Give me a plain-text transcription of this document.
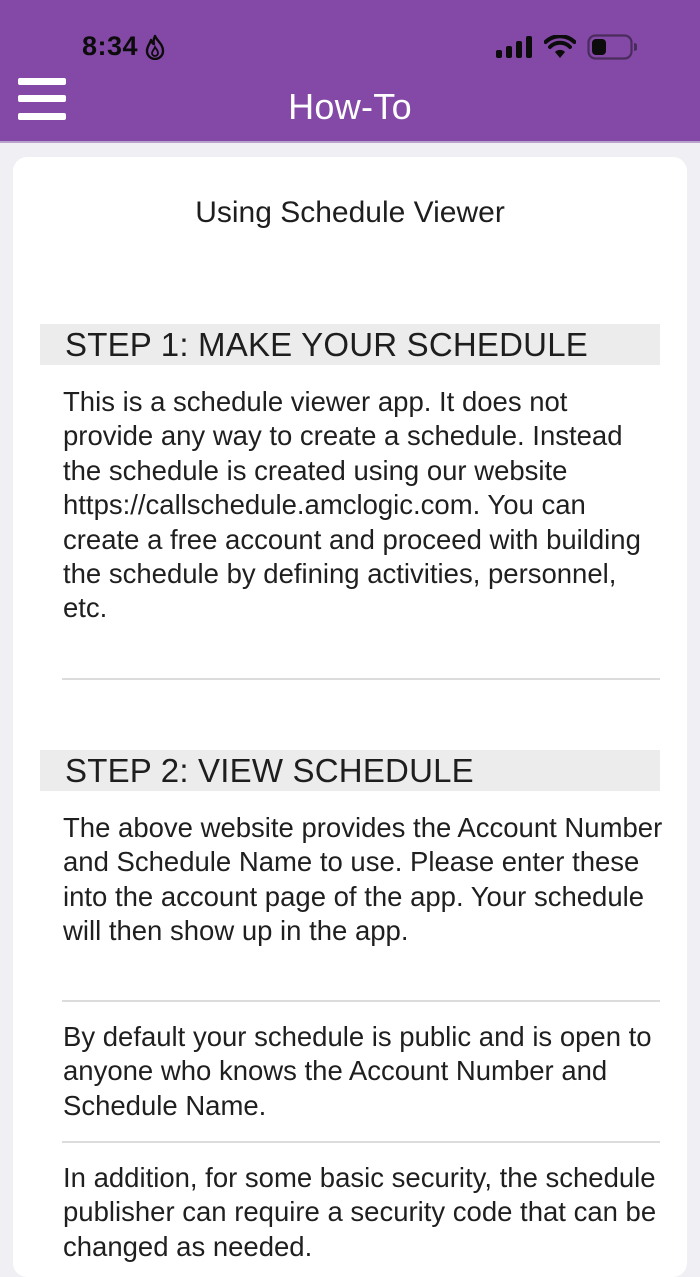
8:34
How-To
Using Schedule Viewer
STEP 1: MAKE YOUR SCHEDULE
This is a schedule viewer app. It does not provide any way to create a schedule. Instead the schedule is created using our website https://callschedule.amclogic.com. You can create a free account and proceed with building the schedule by defining activities, personnel, etc.
STEP 2: VIEW SCHEDULE
The above website provides the Account Number and Schedule Name to use. Please enter these into the account page of the app. Your schedule will then show up in the app.
By default your schedule is public and is open to anyone who knows the Account Number and Schedule Name.
In addition, for some basic security, the schedule publisher can require a security code that can be changed as needed.
